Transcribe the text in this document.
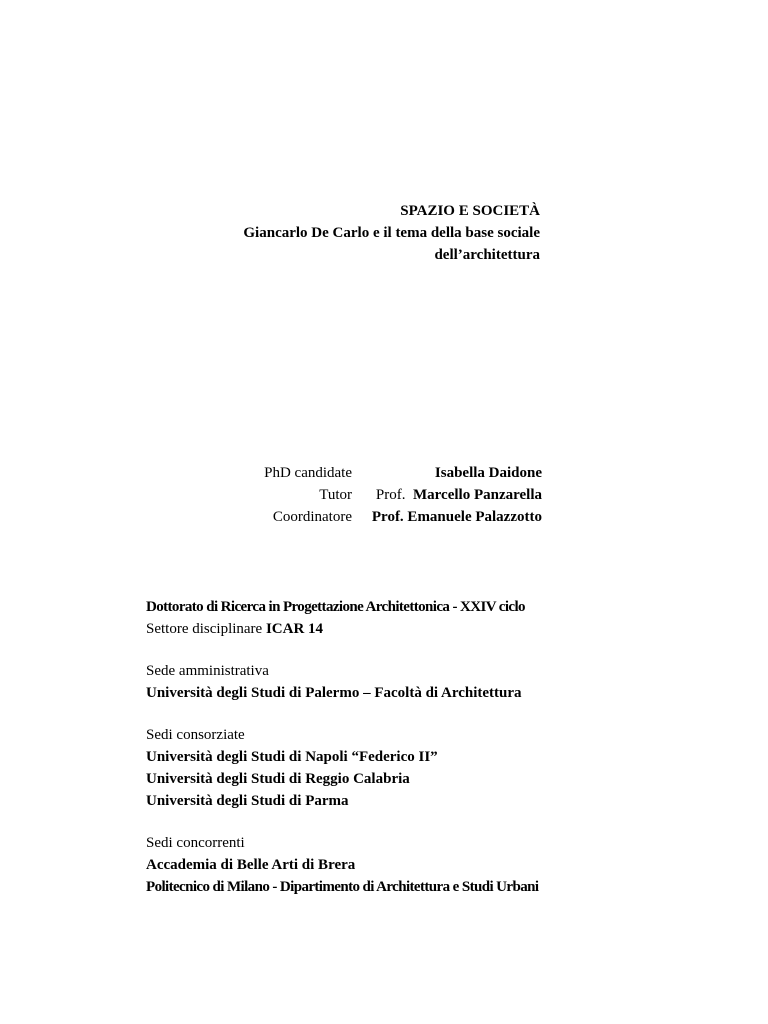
SPAZIO E SOCIETÀ
Giancarlo De Carlo e il tema della base sociale
dell’architettura
PhD candidate	Isabella Daidone
Tutor	Prof.  Marcello Panzarella
Coordinatore	Prof. Emanuele Palazzotto
Dottorato di Ricerca in Progettazione Architettonica - XXIV ciclo
Settore disciplinare ICAR 14
Sede amministrativa
Università degli Studi di Palermo – Facoltà di Architettura
Sedi consorziate
Università degli Studi di Napoli “Federico II”
Università degli Studi di Reggio Calabria
Università degli Studi di Parma
Sedi concorrenti
Accademia di Belle Arti di Brera
Politecnico di Milano - Dipartimento di Architettura e Studi Urbani
